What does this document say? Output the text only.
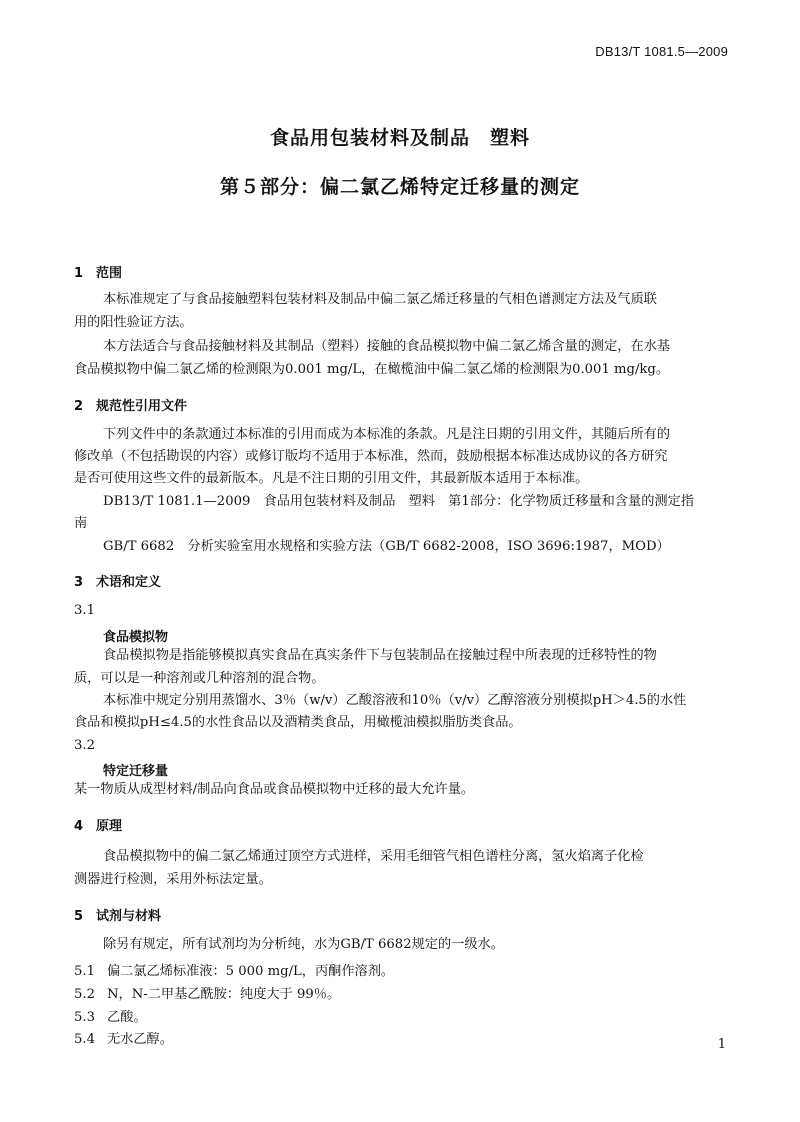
DB13/T 1081.5—2009
食品用包装材料及制品　塑料
第５部分：偏二氯乙烯特定迁移量的测定
1 范围
本标准规定了与食品接触塑料包装材料及制品中偏二氯乙烯迁移量的气相色谱测定方法及气质联
用的阳性验证方法。
本方法适合与食品接触材料及其制品（塑料）接触的食品模拟物中偏二氯乙烯含量的测定，在水基
食品模拟物中偏二氯乙烯的检测限为0.001 mg/L，在橄榄油中偏二氯乙烯的检测限为0.001 mg/kg。
2 规范性引用文件
下列文件中的条款通过本标准的引用而成为本标准的条款。凡是注日期的引用文件，其随后所有的
修改单（不包括勘误的内容）或修订版均不适用于本标准，然而，鼓励根据本标准达成协议的各方研究
是否可使用这些文件的最新版本。凡是不注日期的引用文件，其最新版本适用于本标准。
DB13/T 1081.1—2009　食品用包装材料及制品　塑料　第1部分：化学物质迁移量和含量的测定指
南
GB/T 6682　分析实验室用水规格和实验方法（GB/T 6682-2008，ISO 3696:1987，MOD）
3 术语和定义
3.1
食品模拟物
食品模拟物是指能够模拟真实食品在真实条件下与包装制品在接触过程中所表现的迁移特性的物
质，可以是一种溶剂或几种溶剂的混合物。
本标准中规定分别用蒸馏水、3％（w/v）乙酸溶液和10％（v/v）乙醇溶液分别模拟pH＞4.5的水性
食品和模拟pH≤4.5的水性食品以及酒精类食品，用橄榄油模拟脂肪类食品。
3.2
特定迁移量
某一物质从成型材料/制品向食品或食品模拟物中迁移的最大允许量。
4 原理
食品模拟物中的偏二氯乙烯通过顶空方式进样，采用毛细管气相色谱柱分离，氢火焰离子化检
测器进行检测，采用外标法定量。
5 试剂与材料
除另有规定，所有试剂均为分析纯，水为GB/T 6682规定的一级水。
5.1 偏二氯乙烯标准液：5 000 mg/L，丙酮作溶剂。
5.2 N，N-二甲基乙酰胺：纯度大于 99％。
5.3 乙酸。
5.4 无水乙醇。	1
